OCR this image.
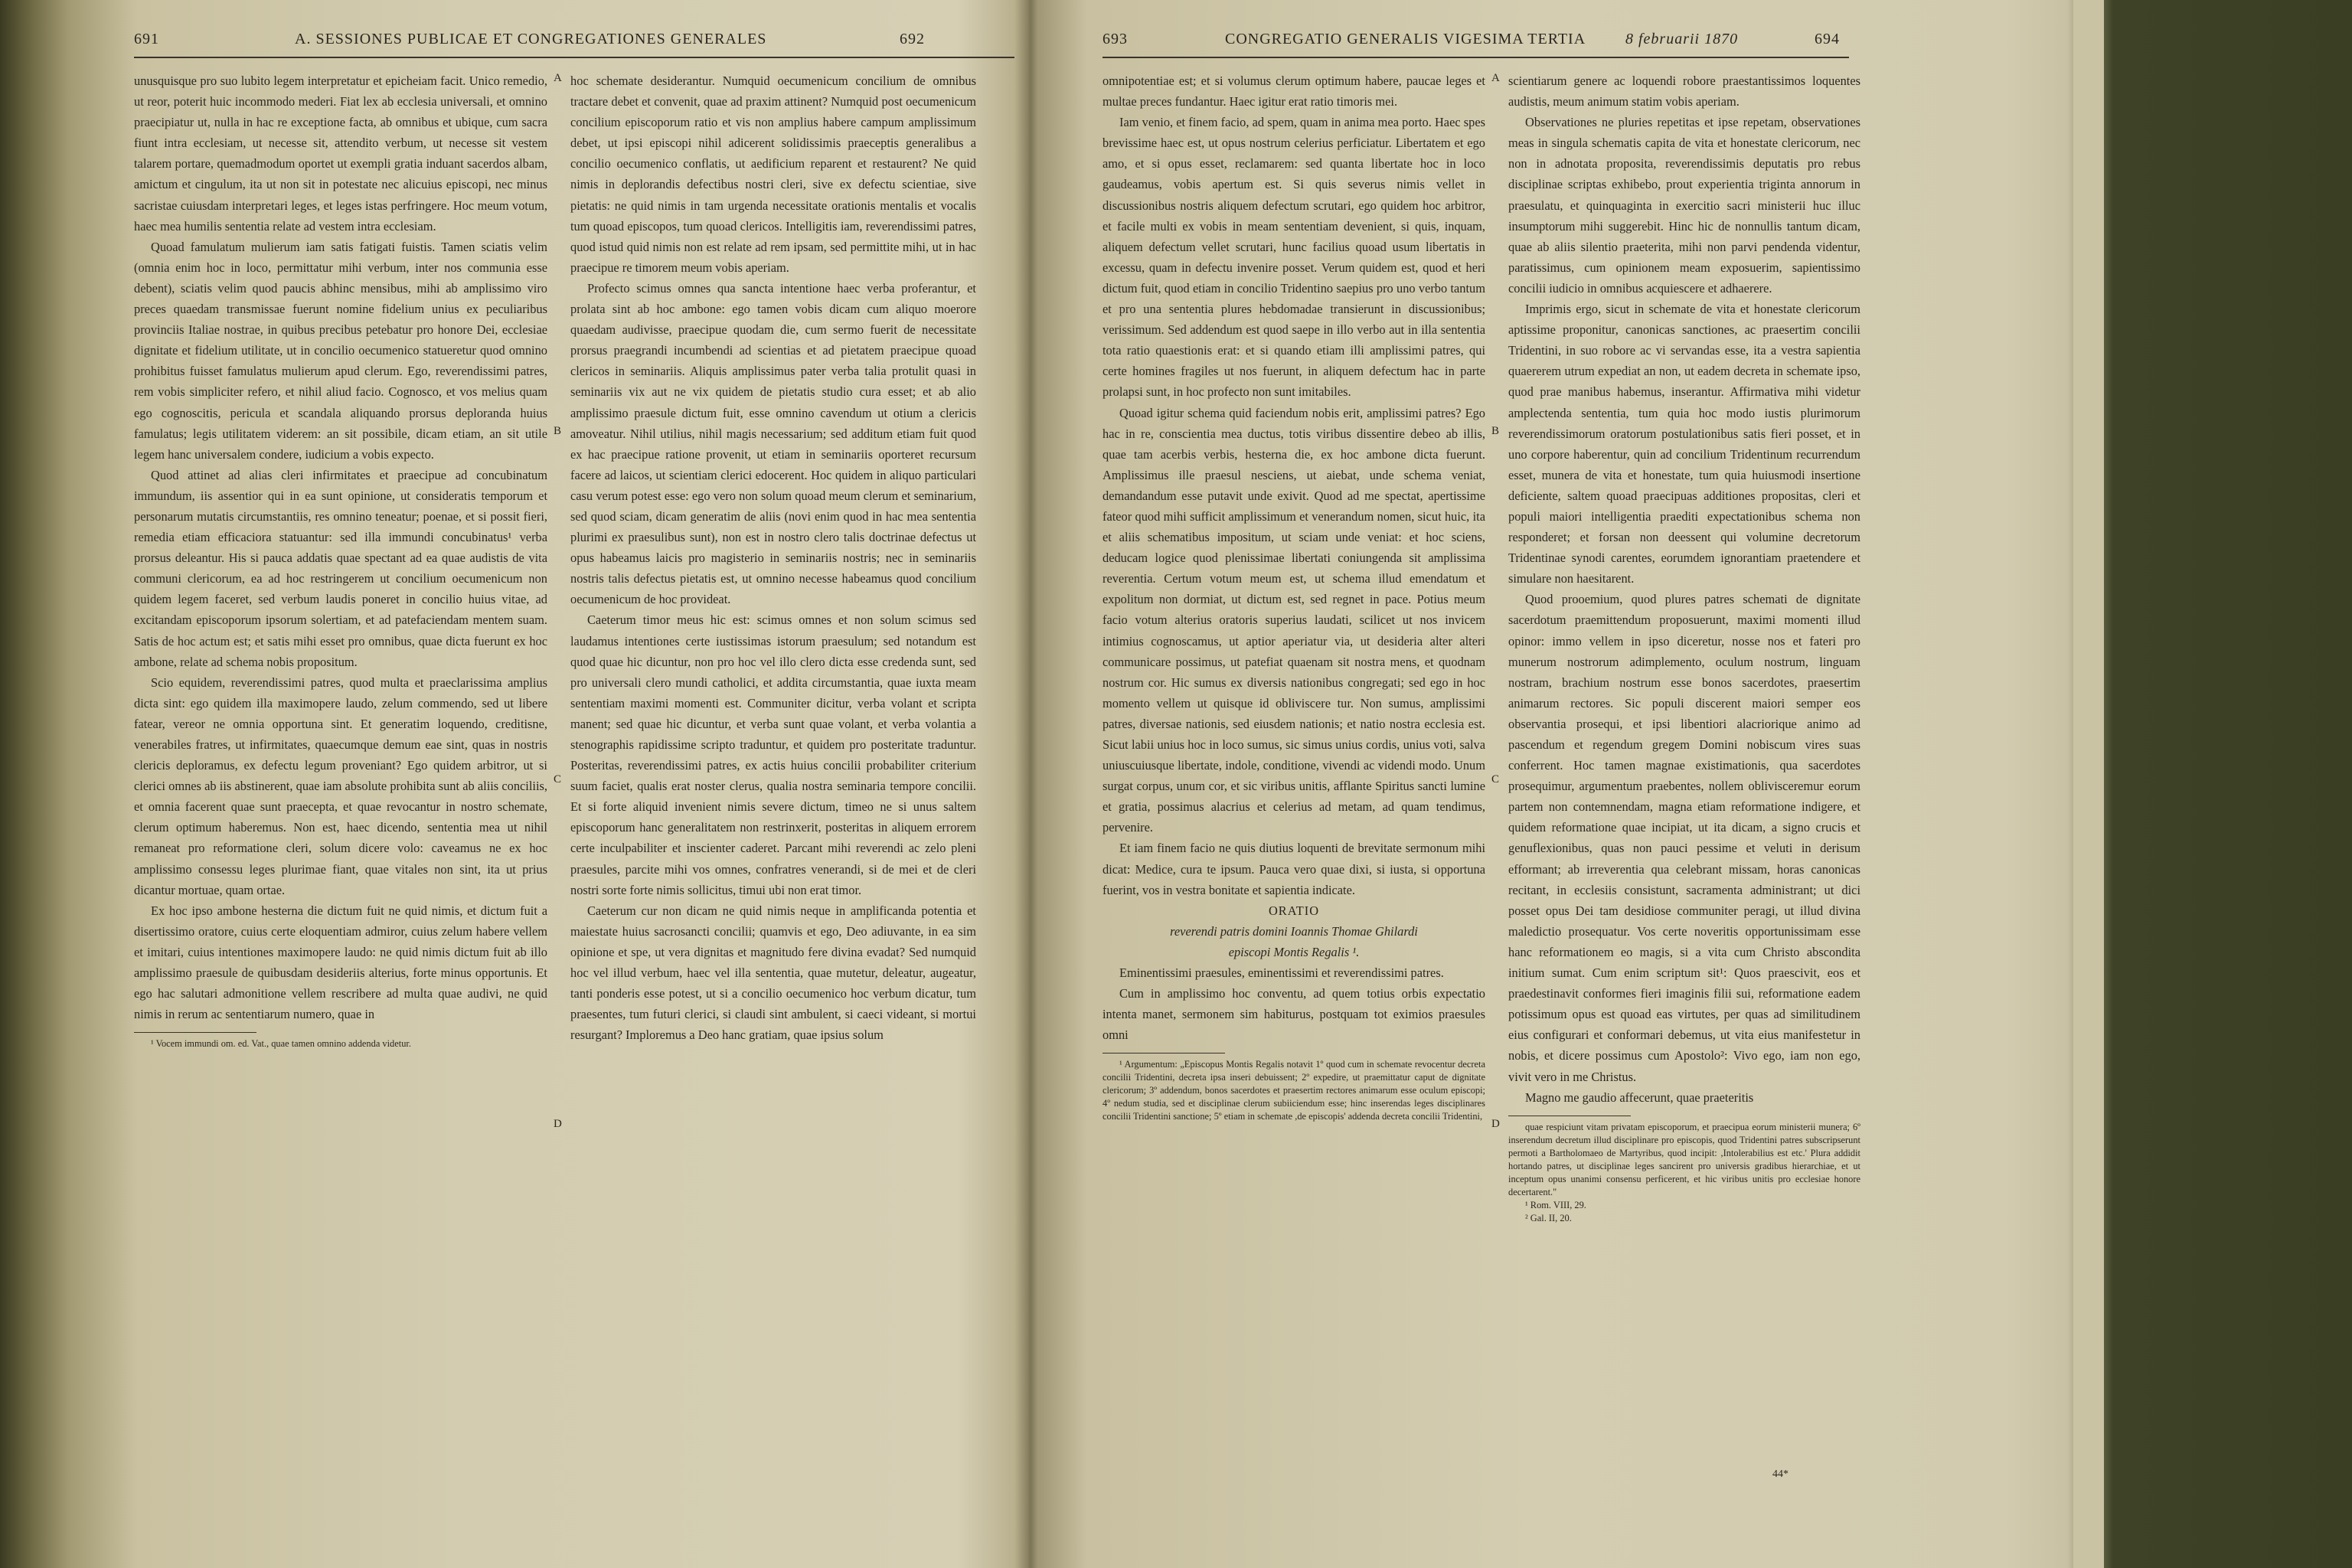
691	A. SESSIONES PUBLICAE ET CONGREGATIONES GENERALES	692

unusquisque pro suo lubito legem interpretatur et epicheiam facit. Unico remedio, ut reor, poterit huic incommodo mederi. Fiat lex ab ecclesia universali, et omnino praecipiatur ut, nulla in hac re exceptione facta, ab omnibus et ubique, cum sacra fiunt intra ecclesiam, ut necesse sit, attendito verbum, ut necesse sit vestem talarem portare, quemadmodum oportet ut exempli gratia induant sacerdos albam, amictum et cingulum, ita ut non sit in potestate nec alicuius episcopi, nec minus sacristae cuiusdam interpretari leges, et leges istas perfringere. Hoc meum votum, haec mea humilis sententia relate ad vestem intra ecclesiam.

Quoad famulatum mulierum iam satis fatigati fuistis. Tamen sciatis velim (omnia enim hoc in loco, permittatur mihi verbum, inter nos communia esse debent), sciatis velim quod paucis abhinc mensibus, mihi ab amplissimo viro preces quaedam transmissae fuerunt nomine fidelium unius ex peculiaribus provinciis Italiae nostrae, in quibus precibus petebatur pro honore Dei, ecclesiae dignitate et fidelium utilitate, ut in concilio oecumenico statueretur quod omnino prohibitus fuisset famulatus mulierum apud clerum. Ego, reverendissimi patres, rem vobis simpliciter refero, et nihil aliud facio. Cognosco, et vos melius quam ego cognoscitis, pericula et scandala aliquando prorsus deploranda huius famulatus; legis utilitatem viderem: an sit possibile, dicam etiam, an sit utile legem hanc universalem condere, iudicium a vobis expecto.

Quod attinet ad alias cleri infirmitates et praecipue ad concubinatum immundum, iis assentior qui in ea sunt opinione, ut consideratis temporum et personarum mutatis circumstantiis, res omnino teneatur; poenae, et si possit fieri, remedia etiam efficaciora statuantur: sed illa immundi concubinatus¹ verba prorsus deleantur. His si pauca addatis quae spectant ad ea quae audistis de vita communi clericorum, ea ad hoc restringerem ut concilium oecumenicum non quidem legem faceret, sed verbum laudis poneret in concilio huius vitae, ad excitandam episcoporum ipsorum solertiam, et ad patefaciendam mentem suam. Satis de hoc actum est; et satis mihi esset pro omnibus, quae dicta fuerunt ex hoc ambone, relate ad schema nobis propositum.

Scio equidem, reverendissimi patres, quod multa et praeclarissima amplius dicta sint: ego quidem illa maximopere laudo, zelum commendo, sed ut libere fatear, vereor ne omnia opportuna sint. Et generatim loquendo, creditisne, venerabiles fratres, ut infirmitates, quaecumque demum eae sint, quas in nostris clericis deploramus, ex defectu legum proveniant? Ego quidem arbitror, ut si clerici omnes ab iis abstinerent, quae iam absolute prohibita sunt ab aliis conciliis, et omnia facerent quae sunt praecepta, et quae revocantur in nostro schemate, clerum optimum haberemus. Non est, haec dicendo, sententia mea ut nihil remaneat pro reformatione cleri, solum dicere volo: caveamus ne ex hoc amplissimo consessu leges plurimae fiant, quae vitales non sint, ita ut prius dicantur mortuae, quam ortae.

Ex hoc ipso ambone hesterna die dictum fuit ne quid nimis, et dictum fuit a disertissimo oratore, cuius certe eloquentiam admiror, cuius zelum habere vellem et imitari, cuius intentiones maximopere laudo: ne quid nimis dictum fuit ab illo amplissimo praesule de quibusdam desideriis alterius, forte minus opportunis. Et ego hac salutari admonitione vellem rescribere ad multa quae audivi, ne quid nimis in rerum ac sententiarum numero, quae in

¹ Vocem immundi om. ed. Vat., quae tamen omnino addenda videtur.

hoc schemate desiderantur. Numquid oecumenicum concilium de omnibus tractare debet et convenit, quae ad praxim attinent? Numquid post oecumenicum concilium episcoporum ratio et vis non amplius habere campum amplissimum debet, ut ipsi episcopi nihil adicerent solidissimis praeceptis generalibus a concilio oecumenico conflatis, ut aedificium reparent et restaurent? Ne quid nimis in deplorandis defectibus nostri cleri, sive ex defectu scientiae, sive pietatis: ne quid nimis in tam urgenda necessitate orationis mentalis et vocalis tum quoad episcopos, tum quoad clericos. Intelligitis iam, reverendissimi patres, quod istud quid nimis non est relate ad rem ipsam, sed permittite mihi, ut in hac praecipue re timorem meum vobis aperiam.

Profecto scimus omnes qua sancta intentione haec verba proferantur, et prolata sint ab hoc ambone: ego tamen vobis dicam cum aliquo moerore quaedam audivisse, praecipue quodam die, cum sermo fuerit de necessitate prorsus praegrandi incumbendi ad scientias et ad pietatem praecipue quoad clericos in seminariis. Aliquis amplissimus pater verba talia protulit quasi in seminariis vix aut ne vix quidem de pietatis studio cura esset; et ab alio amplissimo praesule dictum fuit, esse omnino cavendum ut otium a clericis amoveatur. Nihil utilius, nihil magis necessarium; sed additum etiam fuit quod ex hac praecipue ratione provenit, ut etiam in seminariis oporteret recursum facere ad laicos, ut scientiam clerici edocerent. Hoc quidem in aliquo particulari casu verum potest esse: ego vero non solum quoad meum clerum et seminarium, sed quod sciam, dicam generatim de aliis (novi enim quod in hac mea sententia plurimi ex praesulibus sunt), non est in nostro clero talis doctrinae defectus ut opus habeamus laicis pro magisterio in seminariis nostris; nec in seminariis nostris talis defectus pietatis est, ut omnino necesse habeamus quod concilium oecumenicum de hoc provideat.

Caeterum timor meus hic est: scimus omnes et non solum scimus sed laudamus intentiones certe iustissimas istorum praesulum; sed notandum est quod quae hic dicuntur, non pro hoc vel illo clero dicta esse credenda sunt, sed pro universali clero mundi catholici, et addita circumstantia, quae iuxta meam sententiam maximi momenti est. Communiter dicitur, verba volant et scripta manent; sed quae hic dicuntur, et verba sunt quae volant, et verba volantia a stenographis rapidissime scripto traduntur, et quidem pro posteritate traduntur. Posteritas, reverendissimi patres, ex actis huius concilii probabiliter criterium suum faciet, qualis erat noster clerus, qualia nostra seminaria tempore concilii. Et si forte aliquid invenient nimis severe dictum, timeo ne si unus saltem episcoporum hanc generalitatem non restrinxerit, posteritas in aliquem errorem certe inculpabiliter et inscienter caderet. Parcant mihi reverendi ac zelo pleni praesules, parcite mihi vos omnes, confratres venerandi, si de mei et de cleri nostri sorte forte nimis sollicitus, timui ubi non erat timor.

Caeterum cur non dicam ne quid nimis neque in amplificanda potentia et maiestate huius sacrosancti concilii; quamvis et ego, Deo adiuvante, in ea sim opinione et spe, ut vera dignitas et magnitudo fere divina evadat? Sed numquid hoc vel illud verbum, haec vel illa sententia, quae mutetur, deleatur, augeatur, tanti ponderis esse potest, ut si a concilio oecumenico hoc verbum dicatur, tum praesentes, tum futuri clerici, si claudi sint ambulent, si caeci videant, si mortui resurgant? Imploremus a Deo hanc gratiam, quae ipsius solum

A
B
C
D
693	CONGREGATIO GENERALIS VIGESIMA TERTIA	8 februarii 1870	694

omnipotentiae est; et si volumus clerum optimum habere, paucae leges et multae preces fundantur. Haec igitur erat ratio timoris mei.

Iam venio, et finem facio, ad spem, quam in anima mea porto. Haec spes brevissime haec est, ut opus nostrum celerius perficiatur. Libertatem et ego amo, et si opus esset, reclamarem: sed quanta libertate hoc in loco gaudeamus, vobis apertum est. Si quis severus nimis vellet in discussionibus nostris aliquem defectum scrutari, ego quidem hoc arbitror, et facile multi ex vobis in meam sententiam devenient, si quis, inquam, aliquem defectum vellet scrutari, hunc facilius quoad usum libertatis in excessu, quam in defectu invenire posset. Verum quidem est, quod et heri dictum fuit, quod etiam in concilio Tridentino saepius pro uno verbo tantum et pro una sententia plures hebdomadae transierunt in discussionibus; verissimum. Sed addendum est quod saepe in illo verbo aut in illa sententia tota ratio quaestionis erat: et si quando etiam illi amplissimi patres, qui certe homines fragiles ut nos fuerunt, in aliquem defectum hac in parte prolapsi sunt, in hoc profecto non sunt imitabiles.

Quoad igitur schema quid faciendum nobis erit, amplissimi patres? Ego hac in re, conscientia mea ductus, totis viribus dissentire debeo ab illis, quae tam acerbis verbis, hesterna die, ex hoc ambone dicta fuerunt. Amplissimus ille praesul nesciens, ut aiebat, unde schema veniat, demandandum esse putavit unde exivit. Quod ad me spectat, apertissime fateor quod mihi sufficit amplissimum et venerandum nomen, sicut huic, ita et aliis schematibus impositum, ut sciam unde veniat: et hoc sciens, deducam logice quod plenissimae libertati coniungenda sit amplissima reverentia. Certum votum meum est, ut schema illud emendatum et expolitum non dormiat, ut dictum est, sed regnet in pace. Potius meum facio votum alterius oratoris superius laudati, scilicet ut nos invicem intimius cognoscamus, ut aptior aperiatur via, ut desideria alter alteri communicare possimus, ut patefiat quaenam sit nostra mens, et quodnam nostrum cor. Hic sumus ex diversis nationibus congregati; sed ego in hoc momento vellem ut quisque id obliviscere tur. Non sumus, amplissimi patres, diversae nationis, sed eiusdem nationis; et natio nostra ecclesia est. Sicut labii unius hoc in loco sumus, sic simus unius cordis, unius voti, salva uniuscuiusque libertate, indole, conditione, vivendi ac videndi modo. Unum surgat corpus, unum cor, et sic viribus unitis, afflante Spiritus sancti lumine et gratia, possimus alacrius et celerius ad metam, ad quam tendimus, pervenire.

Et iam finem facio ne quis diutius loquenti de brevitate sermonum mihi dicat: Medice, cura te ipsum. Pauca vero quae dixi, si iusta, si opportuna fuerint, vos in vestra bonitate et sapientia indicate.

ORATIO

reverendi patris domini Ioannis Thomae Ghilardi

episcopi Montis Regalis ¹.

Eminentissimi praesules, eminentissimi et reverendissimi patres.

Cum in amplissimo hoc conventu, ad quem totius orbis expectatio intenta manet, sermonem sim habiturus, postquam tot eximios praesules omni

¹ Argumentum: „Episcopus Montis Regalis notavit 1º quod cum in schemate revocentur decreta concilii Tridentini, decreta ipsa inseri debuissent; 2º expedire, ut praemittatur caput de dignitate clericorum; 3º addendum, bonos sacerdotes et praesertim rectores animarum esse oculum episcopi; 4º nedum studia, sed et disciplinae clerum subiiciendum esse; hinc inserendas leges disciplinares concilii Tridentini sanctione; 5º etiam in schemate ,de episcopis' addenda decreta concilii Tridentini,

scientiarum genere ac loquendi robore praestantissimos loquentes audistis, meum animum statim vobis aperiam.

Observationes ne pluries repetitas et ipse repetam, observationes meas in singula schematis capita de vita et honestate clericorum, nec non in adnotata proposita, reverendissimis deputatis pro rebus disciplinae scriptas exhibebo, prout experientia triginta annorum in praesulatu, et quinquaginta in exercitio sacri ministerii huc illuc insumptorum mihi suggerebit. Hinc hic de nonnullis tantum dicam, quae ab aliis silentio praeterita, mihi non parvi pendenda videntur, paratissimus, cum opinionem meam exposuerim, sapientissimo concilii iudicio in omnibus acquiescere et adhaerere.

Imprimis ergo, sicut in schemate de vita et honestate clericorum aptissime proponitur, canonicas sanctiones, ac praesertim concilii Tridentini, in suo robore ac vi servandas esse, ita a vestra sapientia quaererem utrum expediat an non, ut eadem decreta in schemate ipso, quod prae manibus habemus, inserantur. Affirmativa mihi videtur amplectenda sententia, tum quia hoc modo iustis plurimorum reverendissimorum oratorum postulationibus satis fieri posset, et in uno corpore haberentur, quin ad concilium Tridentinum recurrendum esset, munera de vita et honestate, tum quia huiusmodi insertione deficiente, saltem quoad praecipuas additiones propositas, cleri et populi maiori intelligentia praediti expectationibus schema non responderet; et forsan non deessent qui volumine decretorum Tridentinae synodi carentes, eorumdem ignorantiam praetendere et simulare non haesitarent.

Quod prooemium, quod plures patres schemati de dignitate sacerdotum praemittendum proposuerunt, maximi momenti illud opinor: immo vellem in ipso diceretur, nosse nos et fateri pro munerum nostrorum adimplemento, oculum nostrum, linguam nostram, brachium nostrum esse bonos sacerdotes, praesertim animarum rectores. Sic populi discerent maiori semper eos observantia prosequi, et ipsi libentiori alacriorique animo ad pascendum et regendum gregem Domini nobiscum vires suas conferrent. Hoc tamen magnae existimationis, qua sacerdotes prosequimur, argumentum praebentes, nollem oblivisceremur eorum partem non contemnendam, magna etiam reformatione indigere, et quidem reformatione quae incipiat, ut ita dicam, a signo crucis et genuflexionibus, quas non pauci pessime et veluti in derisum efformant; ab irreverentia qua celebrant missam, horas canonicas recitant, in ecclesiis consistunt, sacramenta administrant; ut dici posset opus Dei tam desidiose communiter peragi, ut illud divina maledictio prosequatur. Vos certe noveritis opportunissimam esse hanc reformationem eo magis, si a vita cum Christo abscondita initium sumat. Cum enim scriptum sit¹: Quos praescivit, eos et praedestinavit conformes fieri imaginis filii sui, reformatione eadem potissimum opus est quoad eas virtutes, per quas ad similitudinem eius configurari et conformari debemus, ut vita eius manifestetur in nobis, et dicere possimus cum Apostolo²: Vivo ego, iam non ego, vivit vero in me Christus.

Magno me gaudio affecerunt, quae praeteritis

quae respiciunt vitam privatam episcoporum, et praecipua eorum ministerii munera; 6º inserendum decretum illud disciplinare pro episcopis, quod Tridentini patres subscripserunt permoti a Bartholomaeo de Martyribus, quod incipit: ,Intolerabilius est etc.' Plura addidit hortando patres, ut disciplinae leges sancirent pro universis gradibus hierarchiae, et ut inceptum opus unanimi consensu perficerent, et hic viribus unitis pro ecclesiae honore decertarent."

¹ Rom. VIII, 29.

² Gal. II, 20.

A
B
C
D
44*
